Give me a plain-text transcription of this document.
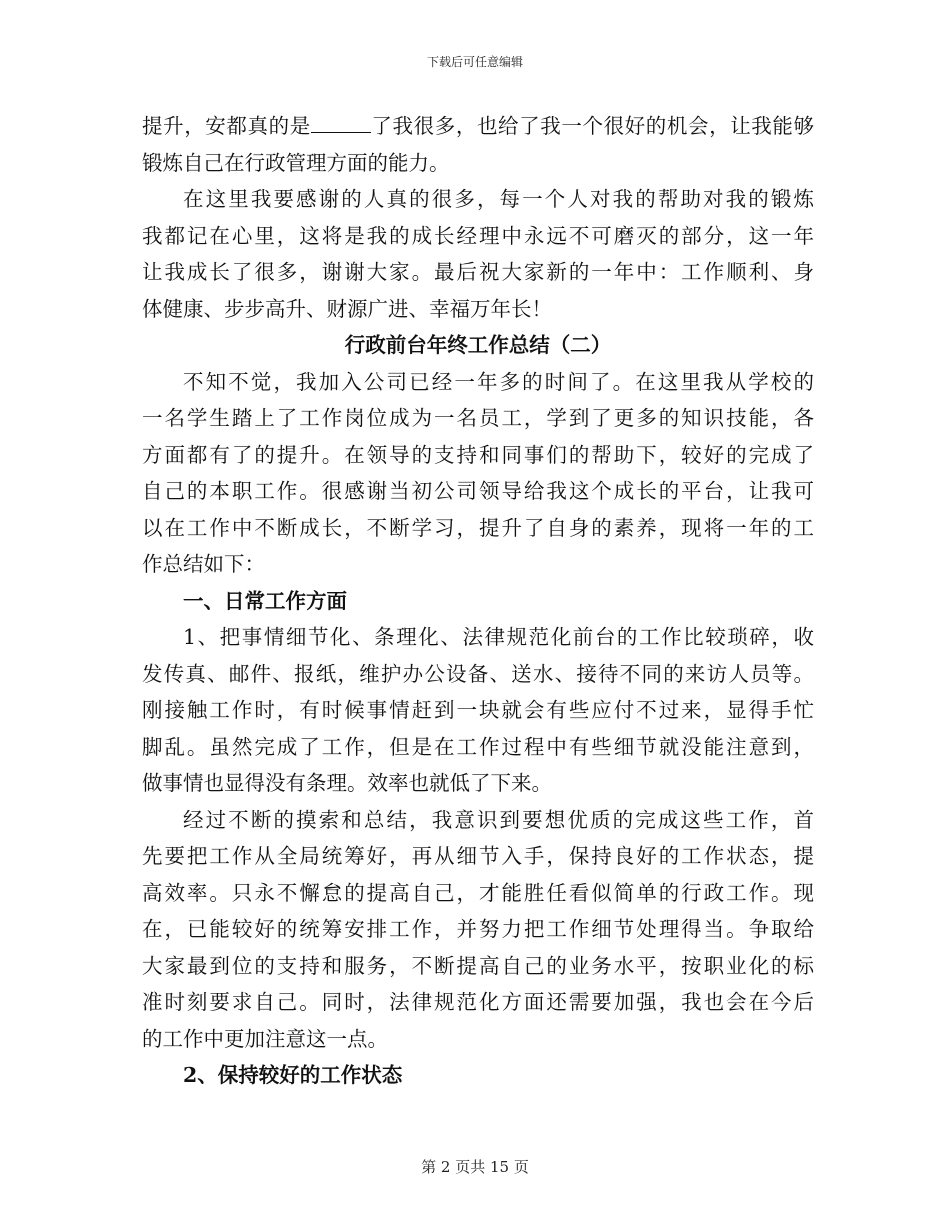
下载后可任意编辑
提升，安都真的是	了我很多，也给了我一个很好的机会，让我能够
锻炼自己在行政管理方面的能力。
在这里我要感谢的人真的很多，每一个人对我的帮助对我的锻炼
我都记在心里，这将是我的成长经理中永远不可磨灭的部分，这一年
让我成长了很多，谢谢大家。最后祝大家新的一年中：工作顺利、身
体健康、步步高升、财源广进、幸福万年长！
行政前台年终工作总结（二）
不知不觉，我加入公司已经一年多的时间了。在这里我从学校的
一名学生踏上了工作岗位成为一名员工，学到了更多的知识技能，各
方面都有了的提升。在领导的支持和同事们的帮助下，较好的完成了
自己的本职工作。很感谢当初公司领导给我这个成长的平台，让我可
以在工作中不断成长，不断学习，提升了自身的素养，现将一年的工
作总结如下：
一、日常工作方面
1、把事情细节化、条理化、法律规范化前台的工作比较琐碎，收
发传真、邮件、报纸，维护办公设备、送水、接待不同的来访人员等。
刚接触工作时，有时候事情赶到一块就会有些应付不过来，显得手忙
脚乱。虽然完成了工作，但是在工作过程中有些细节就没能注意到，
做事情也显得没有条理。效率也就低了下来。
经过不断的摸索和总结，我意识到要想优质的完成这些工作，首
先要把工作从全局统筹好，再从细节入手，保持良好的工作状态，提
高效率。只永不懈怠的提高自己，才能胜任看似简单的行政工作。现
在，已能较好的统筹安排工作，并努力把工作细节处理得当。争取给
大家最到位的支持和服务，不断提高自己的业务水平，按职业化的标
准时刻要求自己。同时，法律规范化方面还需要加强，我也会在今后
的工作中更加注意这一点。
2、保持较好的工作状态
第 2 页共 15 页
